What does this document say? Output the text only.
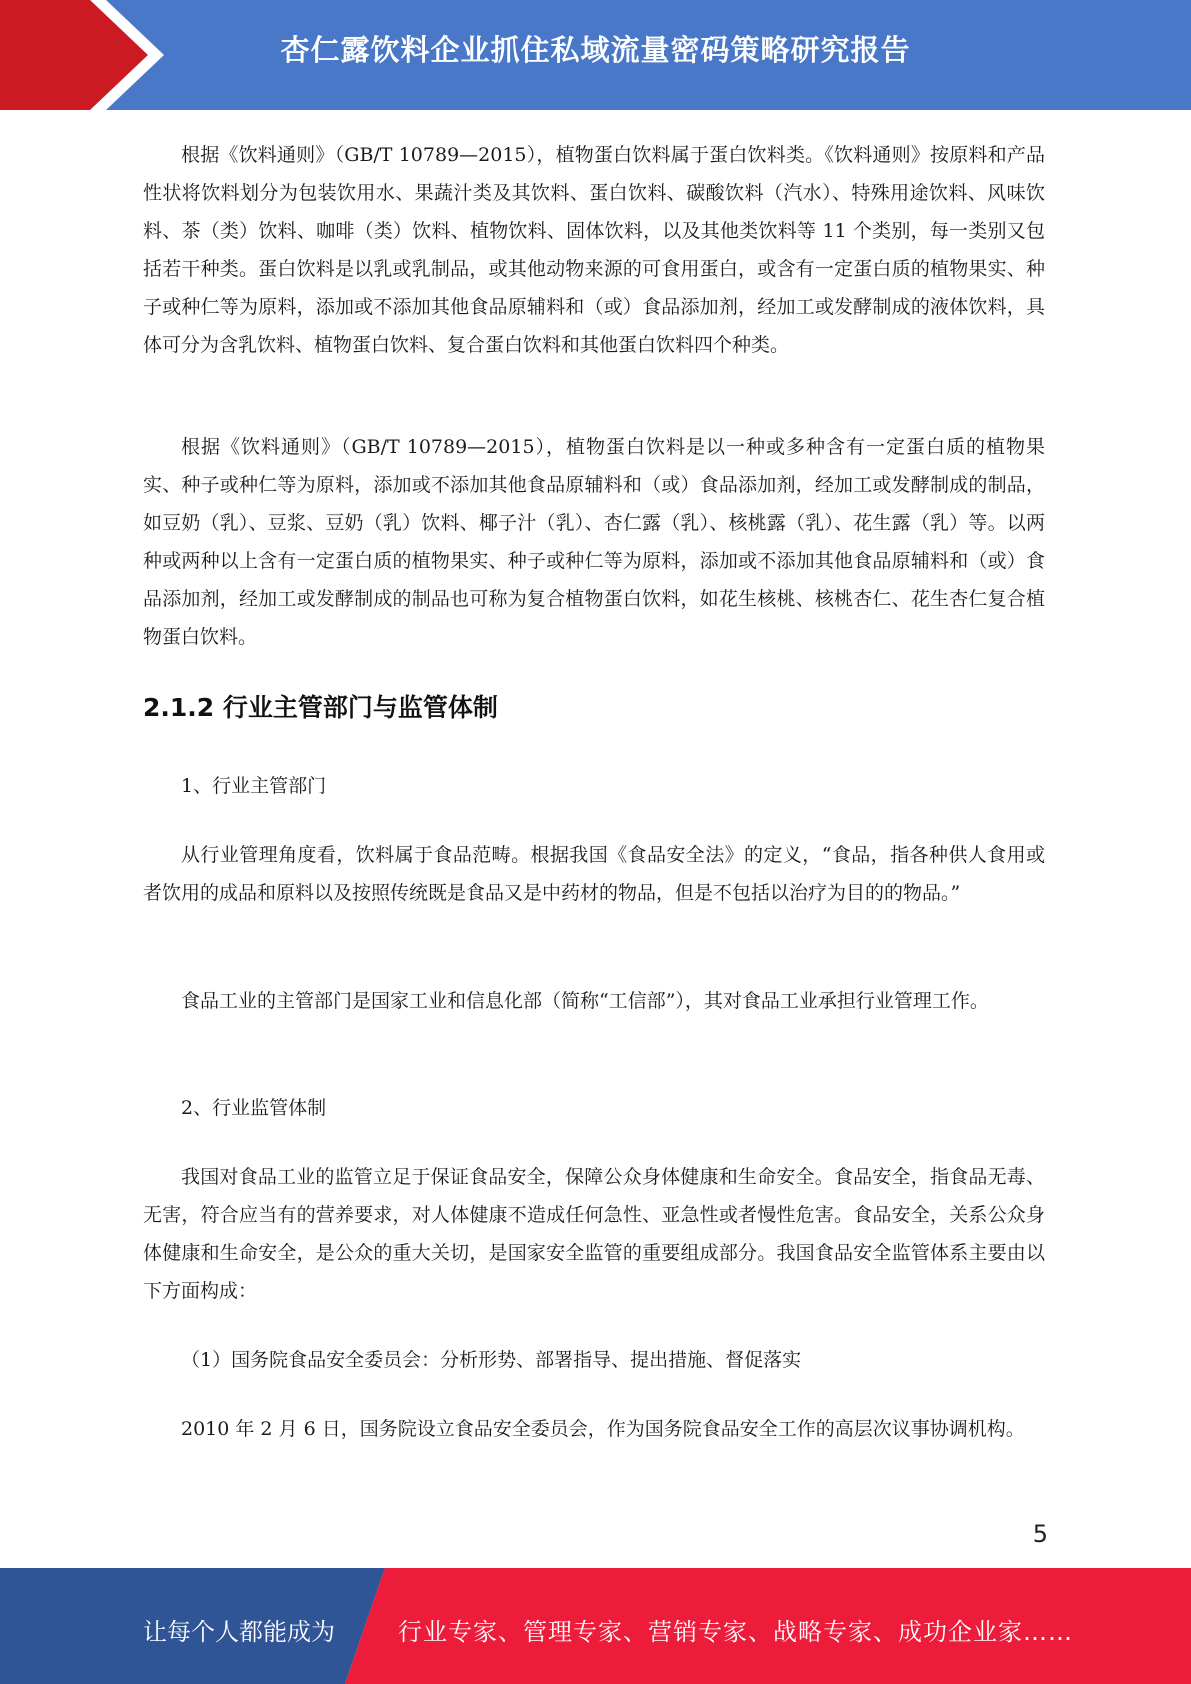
杏仁露饮料企业抓住私域流量密码策略研究报告

根据《饮料通则》（GB/T 10789—2015），植物蛋白饮料属于蛋白饮料类。《饮料通则》按原料和产品性状将饮料划分为包装饮用水、果蔬汁类及其饮料、蛋白饮料、碳酸饮料（汽水）、特殊用途饮料、风味饮料、茶（类）饮料、咖啡（类）饮料、植物饮料、固体饮料，以及其他类饮料等 11 个类别，每一类别又包括若干种类。蛋白饮料是以乳或乳制品，或其他动物来源的可食用蛋白，或含有一定蛋白质的植物果实、种子或种仁等为原料，添加或不添加其他食品原辅料和（或）食品添加剂，经加工或发酵制成的液体饮料，具体可分为含乳饮料、植物蛋白饮料、复合蛋白饮料和其他蛋白饮料四个种类。

根据《饮料通则》（GB/T 10789—2015），植物蛋白饮料是以一种或多种含有一定蛋白质的植物果实、种子或种仁等为原料，添加或不添加其他食品原辅料和（或）食品添加剂，经加工或发酵制成的制品，如豆奶（乳）、豆浆、豆奶（乳）饮料、椰子汁（乳）、杏仁露（乳）、核桃露（乳）、花生露（乳）等。以两种或两种以上含有一定蛋白质的植物果实、种子或种仁等为原料，添加或不添加其他食品原辅料和（或）食品添加剂，经加工或发酵制成的制品也可称为复合植物蛋白饮料，如花生核桃、核桃杏仁、花生杏仁复合植物蛋白饮料。

2.1.2 行业主管部门与监管体制

1、行业主管部门

从行业管理角度看，饮料属于食品范畴。根据我国《食品安全法》的定义，“食品，指各种供人食用或者饮用的成品和原料以及按照传统既是食品又是中药材的物品，但是不包括以治疗为目的的物品。”

食品工业的主管部门是国家工业和信息化部（简称“工信部”），其对食品工业承担行业管理工作。

2、行业监管体制

我国对食品工业的监管立足于保证食品安全，保障公众身体健康和生命安全。食品安全，指食品无毒、无害，符合应当有的营养要求，对人体健康不造成任何急性、亚急性或者慢性危害。食品安全，关系公众身体健康和生命安全，是公众的重大关切，是国家安全监管的重要组成部分。我国食品安全监管体系主要由以下方面构成：

（1）国务院食品安全委员会：分析形势、部署指导、提出措施、督促落实

2010 年 2 月 6 日，国务院设立食品安全委员会，作为国务院食品安全工作的高层次议事协调机构。

5
让每个人都能成为	行业专家、管理专家、营销专家、战略专家、成功企业家……
